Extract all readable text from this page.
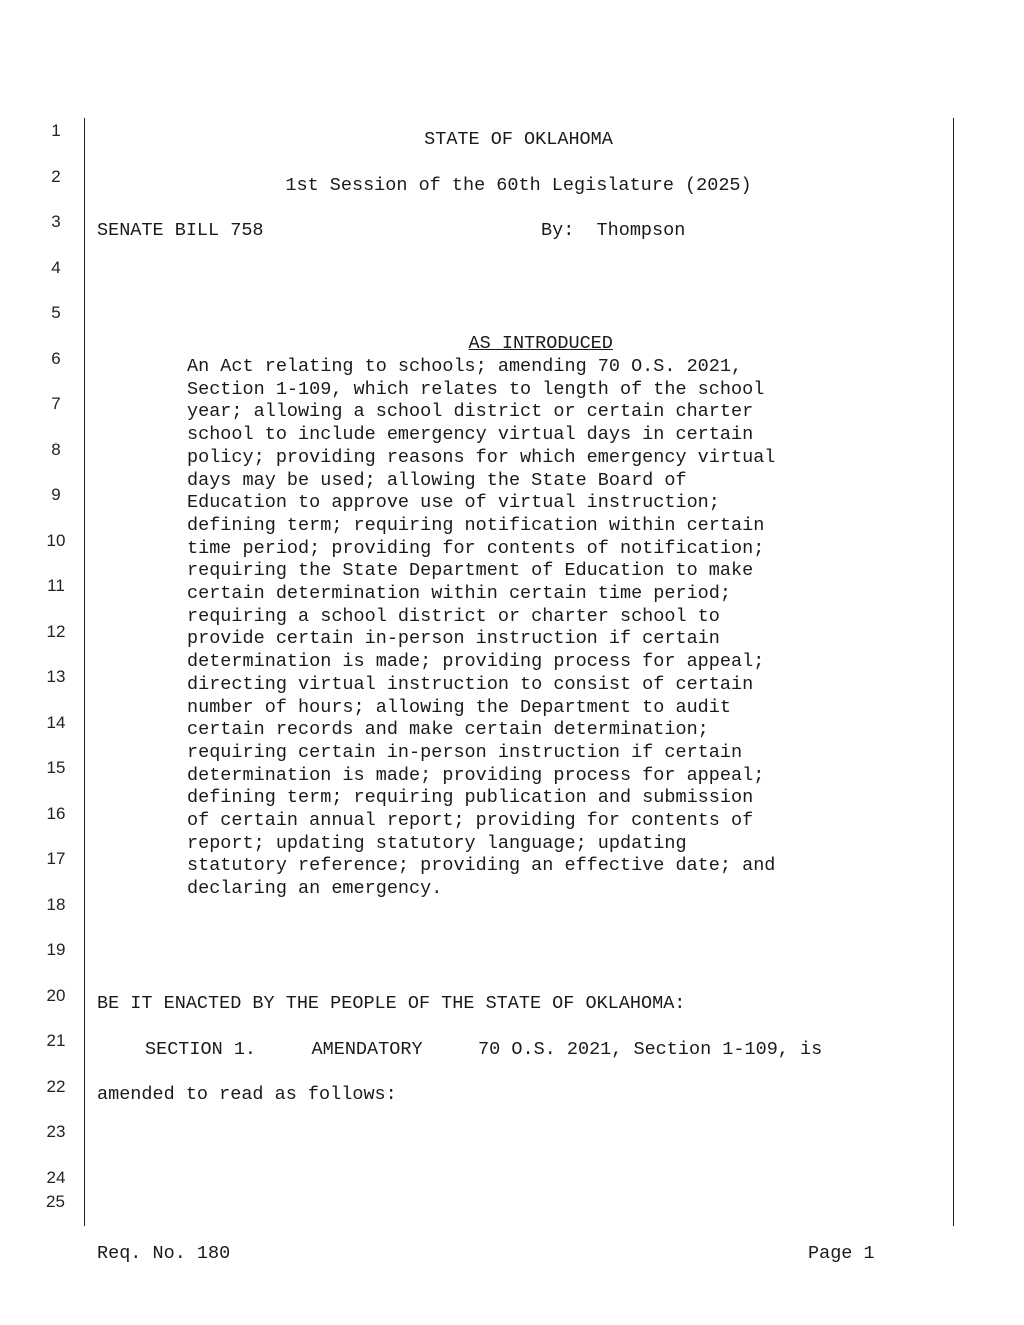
1
2
3
4
5
6
7
8
9
10
11
12
13
14
15
16
17
18
19
20
21
22
23
24
25
STATE OF OKLAHOMA
1st Session of the 60th Legislature (2025)
SENATE BILL 758	By:  Thompson

AS INTRODUCED

An Act relating to schools; amending 70 O.S. 2021,
Section 1-109, which relates to length of the school
year; allowing a school district or certain charter
school to include emergency virtual days in certain
policy; providing reasons for which emergency virtual
days may be used; allowing the State Board of
Education to approve use of virtual instruction;
defining term; requiring notification within certain
time period; providing for contents of notification;
requiring the State Department of Education to make
certain determination within certain time period;
requiring a school district or charter school to
provide certain in-person instruction if certain
determination is made; providing process for appeal;
directing virtual instruction to consist of certain
number of hours; allowing the Department to audit
certain records and make certain determination;
requiring certain in-person instruction if certain
determination is made; providing process for appeal;
defining term; requiring publication and submission
of certain annual report; providing for contents of
report; updating statutory language; updating
statutory reference; providing an effective date; and
declaring an emergency.
BE IT ENACTED BY THE PEOPLE OF THE STATE OF OKLAHOMA:
SECTION 1.     AMENDATORY     70 O.S. 2021, Section 1-109, is
amended to read as follows:
Req. No. 180	Page 1
